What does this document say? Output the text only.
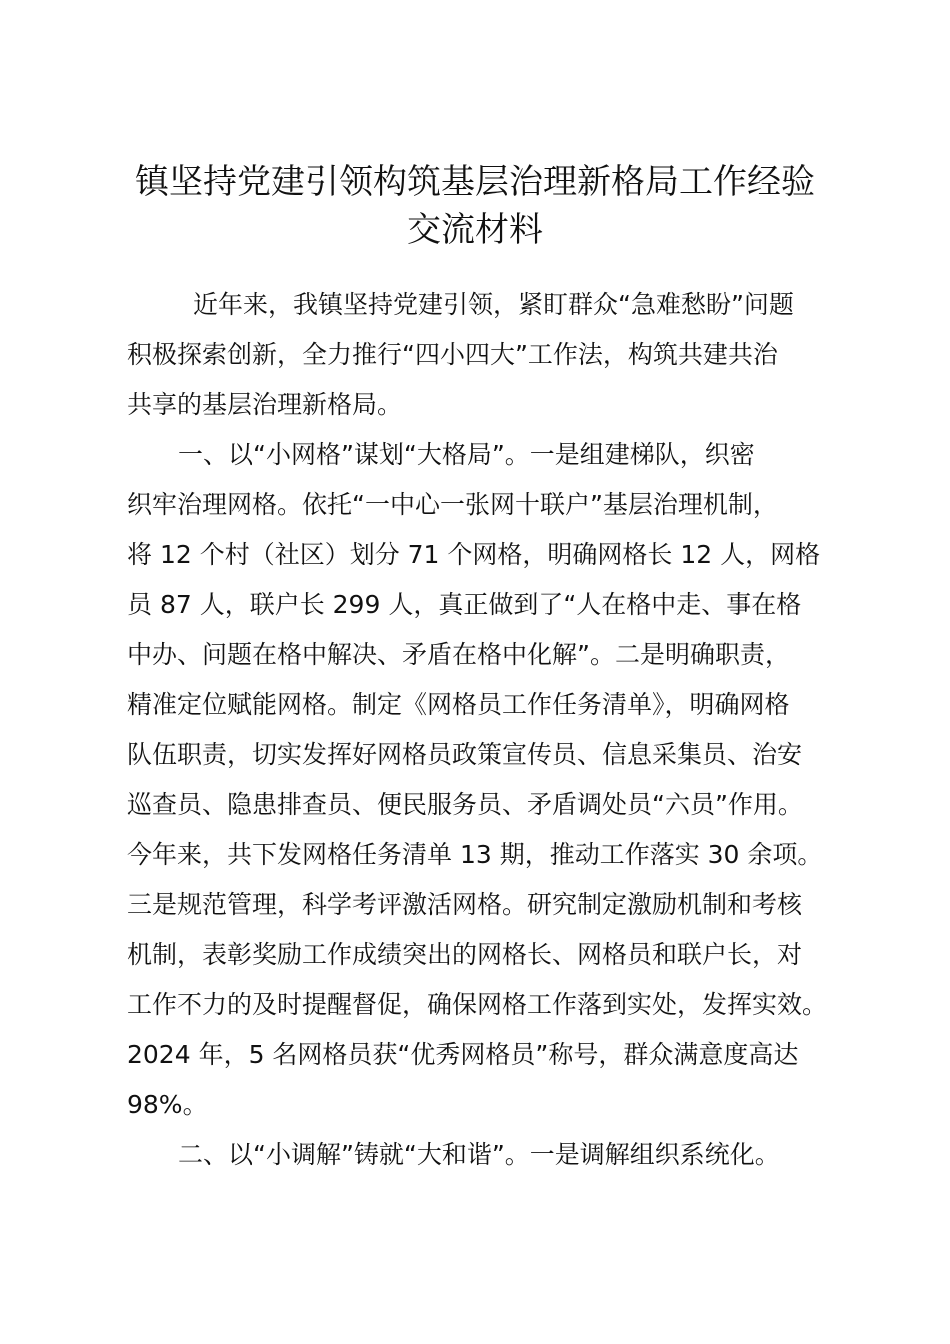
镇坚持党建引领构筑基层治理新格局工作经验
交流材料
近年来，我镇坚持党建引领，紧盯群众“急难愁盼”问题
积极探索创新，全力推行“四小四大”工作法，构筑共建共治
共享的基层治理新格局。
一、以“小网格”谋划“大格局”。一是组建梯队，织密
织牢治理网格。依托“一中心一张网十联户”基层治理机制，
将 12 个村（社区）划分 71 个网格，明确网格长 12 人，网格
员 87 人，联户长 299 人，真正做到了“人在格中走、事在格
中办、问题在格中解决、矛盾在格中化解”。二是明确职责，
精准定位赋能网格。制定《网格员工作任务清单》，明确网格
队伍职责，切实发挥好网格员政策宣传员、信息采集员、治安
巡查员、隐患排查员、便民服务员、矛盾调处员“六员”作用。
今年来，共下发网格任务清单 13 期，推动工作落实 30 余项。
三是规范管理，科学考评激活网格。研究制定激励机制和考核
机制，表彰奖励工作成绩突出的网格长、网格员和联户长，对
工作不力的及时提醒督促，确保网格工作落到实处，发挥实效。
2024 年，5 名网格员获“优秀网格员”称号，群众满意度高达
98%。
二、以“小调解”铸就“大和谐”。一是调解组织系统化。
